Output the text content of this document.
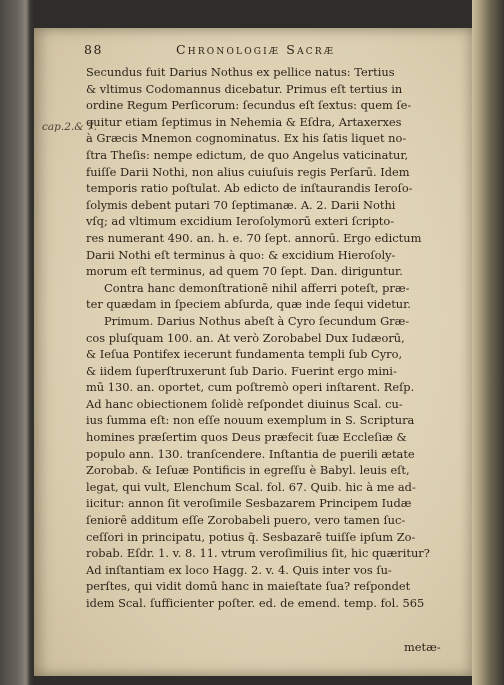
88	Chronologiæ Sacræ
cap.2.& 7.
Secundus fuit Darius Nothus ex pellice natus: Tertius
& vltimus Codomannus dicebatur. Primus eſt tertius in
ordine Regum Perſicorum: ſecundus eſt ſextus: quem ſe-
quitur etiam ſeptimus in Nehemia & Eſdra, Artaxerxes
à Græcis Mnemon cognominatus. Ex his ſatis liquet no-
ſtra Theſis: nempe edictum, de quo Angelus vaticinatur,
fuiſſe Darii Nothi, non alius cuiuſuis regis Perſarū. Idem
temporis ratio poſtulat. Ab edicto de inſtaurandis Ieroſo-
ſolymis debent putari 70 ſeptimanæ. A. 2. Darii Nothi
vſq; ad vltimum excidium Ieroſolymorū exteri ſcripto-
res numerant 490. an. h. e. 70 ſept. annorū. Ergo edictum
Darii Nothi eſt terminus à quo: & excidium Hieroſoly-
morum eſt terminus, ad quem 70 ſept. Dan. diriguntur.
Contra hanc demonſtrationē nihil afferri poteſt, præ-
ter quædam in ſpeciem abſurda, quæ inde ſequi videtur.
Primum. Darius Nothus abeſt à Cyro ſecundum Græ-
cos pluſquam 100. an. At verò Zorobabel Dux Iudæorū,
& Ieſua Pontifex iecerunt fundamenta templi ſub Cyro,
& iidem ſuperſtruxerunt ſub Dario. Fuerint ergo mini-
mū 130. an. oportet, cum poſtremò operi inſtarent. Reſp.
Ad hanc obiectionem ſolidè reſpondet diuinus Scal. cu-
ius ſumma eſt: non eſſe nouum exemplum in S. Scriptura
homines præſertim quos Deus præfecit ſuæ Eccleſiæ &
populo ann. 130. tranſcendere. Inſtantia de puerili ætate
Zorobab. & Ieſuæ Pontificis in egreſſu è Babyl. leuis eſt,
legat, qui vult, Elenchum Scal. fol. 67. Quib. hic à me ad-
iicitur: annon ſit veroſimile Sesbazarem Principem Iudæ
ſeniorē additum eſſe Zorobabeli puero, vero tamen ſuc-
ceſſori in principatu, potius q̄. Sesbazarē tuiſſe ipſum Zo-
robab. Eſdr. 1. v. 8. 11. vtrum veroſimilius ſit, hic quæritur?
Ad inſtantiam ex loco Hagg. 2. v. 4. Quis inter vos ſu-
perſtes, qui vidit domū hanc in maieſtate ſua? reſpondet
idem Scal. ſufficienter poſter. ed. de emend. temp. fol. 565
metæ-
